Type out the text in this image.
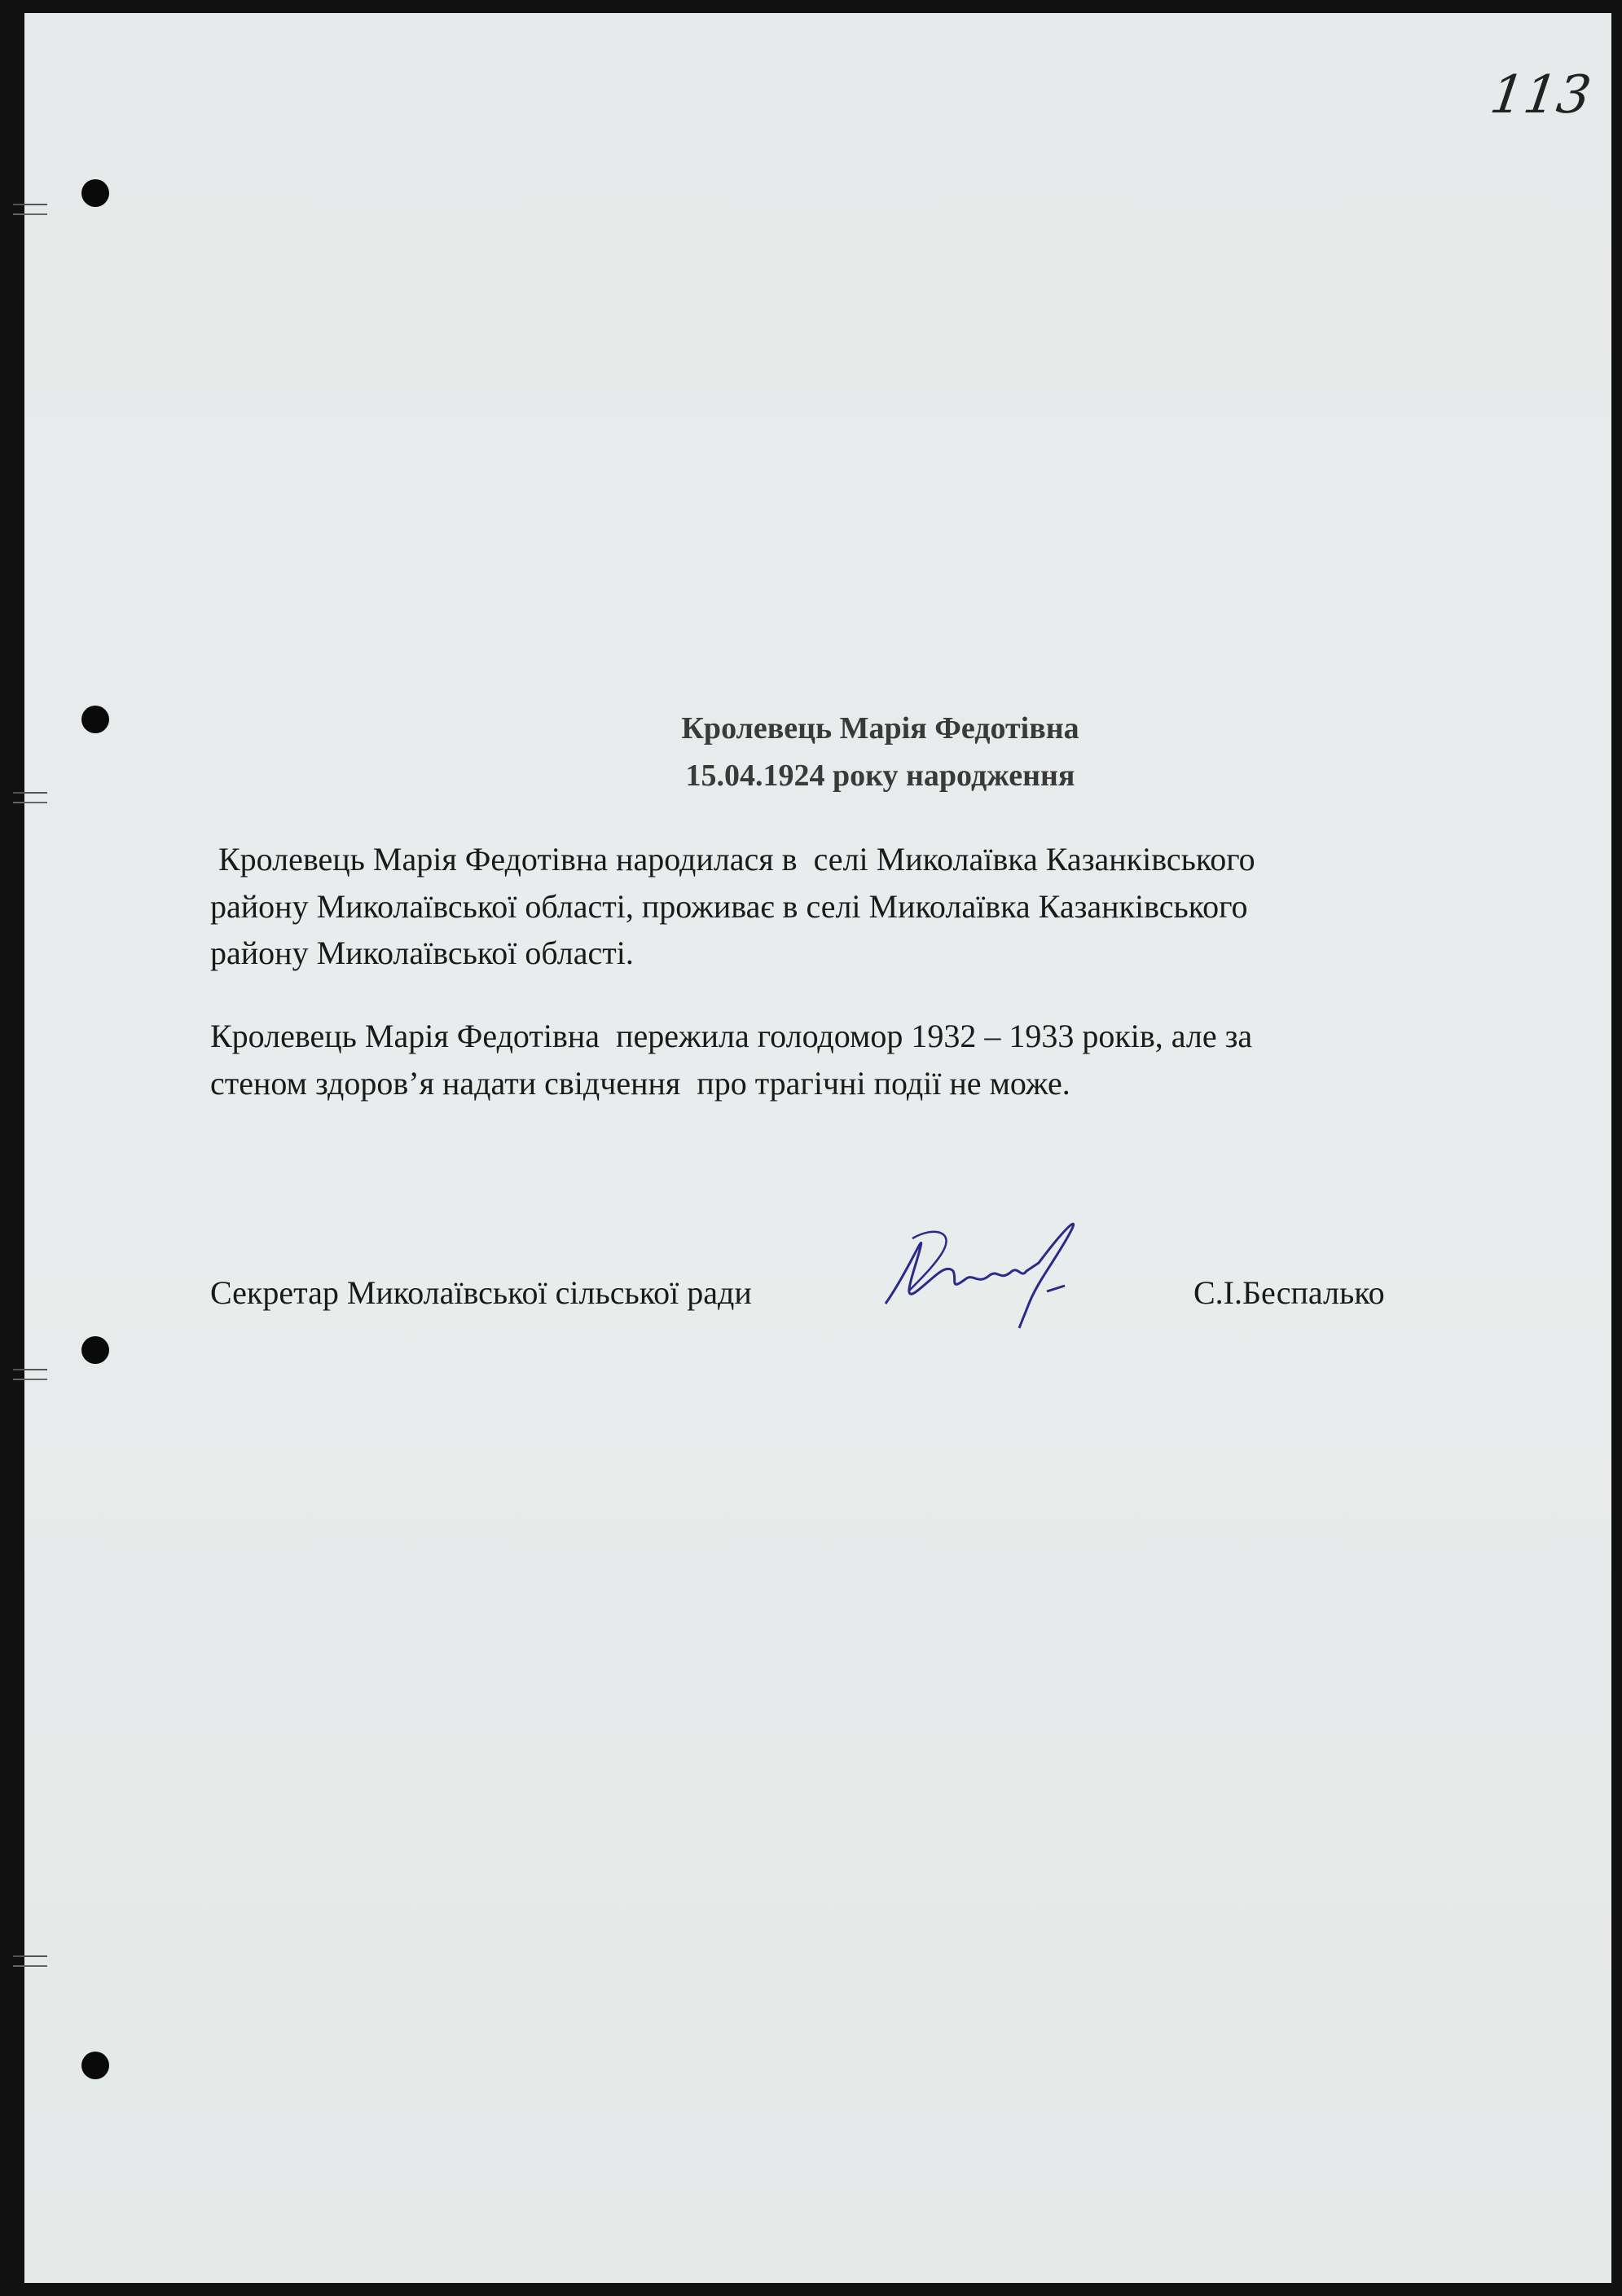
113
Кролевець Марія Федотівна
15.04.1924 року народження
Кролевець Марія Федотівна народилася в  селі Миколаївка Казанківського
району Миколаївської області, проживає в селі Миколаївка Казанківського
району Миколаївської області.
Кролевець Марія Федотівна  пережила голодомор 1932 – 1933 років, але за
стеном здоров’я надати свідчення  про трагічні події не може.
Секретар Миколаївської сільської ради	С.І.Беспалько
